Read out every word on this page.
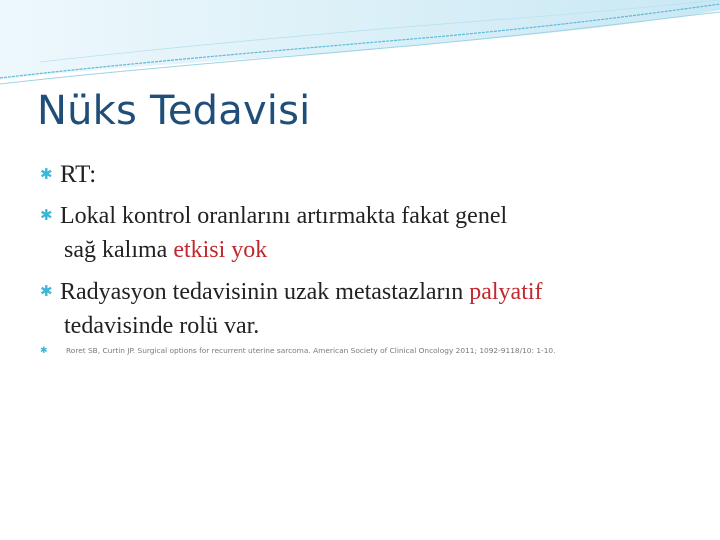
Nüks Tedavisi
✱ RT:
✱ Lokal kontrol oranlarını artırmakta fakat genel
sağ kalıma etkisi yok
✱ Radyasyon tedavisinin uzak metastazların palyatif
tedavisinde rolü var.
✱ Roret SB, Curtin JP. Surgical options for recurrent uterine sarcoma. American Society of Clinical Oncology 2011; 1092-9118/10: 1-10.
